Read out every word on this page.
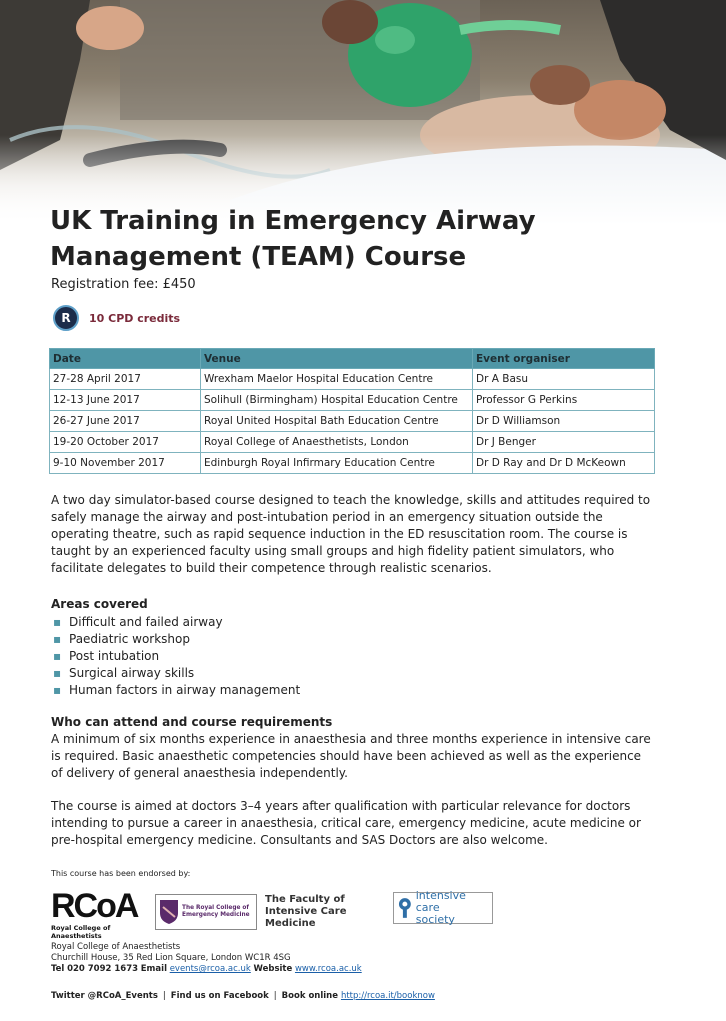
UK Training in Emergency Airway Management (TEAM) Course
Registration fee: £450
R	10 CPD credits
Date	Venue	Event organiser
27-28 April 2017	Wrexham Maelor Hospital Education Centre	Dr A Basu
12-13 June 2017	Solihull (Birmingham) Hospital Education Centre	Professor G Perkins
26-27 June 2017	Royal United Hospital Bath Education Centre	Dr D Williamson
19-20 October 2017	Royal College of Anaesthetists, London	Dr J Benger
9-10 November 2017	Edinburgh Royal Infirmary Education Centre	Dr D Ray and Dr D McKeown

A two day simulator-based course designed to teach the knowledge, skills and attitudes required to safely manage the airway and post-intubation period in an emergency situation outside the operating theatre, such as rapid sequence induction in the ED resuscitation room. The course is taught by an experienced faculty using small groups and high fidelity patient simulators, who facilitate delegates to build their competence through realistic scenarios.

Areas covered
▪ Difficult and failed airway
▪ Paediatric workshop
▪ Post intubation
▪ Surgical airway skills
▪ Human factors in airway management
Who can attend and course requirements

A minimum of six months experience in anaesthesia and three months experience in intensive care is required. Basic anaesthetic competencies should have been achieved as well as the experience of delivery of general anaesthesia independently.

The course is aimed at doctors 3–4 years after qualification with particular relevance for doctors intending to pursue a career in anaesthesia, critical care, emergency medicine, acute medicine or pre-hospital emergency medicine. Consultants and SAS Doctors are also welcome.

This course has been endorsed by:
RCoA
Royal College of Anaesthetists
The Royal College of
Emergency Medicine
The Faculty of
Intensive Care Medicine
intensive care
society
Royal College of Anaesthetists
Churchill House, 35 Red Lion Square, London WC1R 4SG
Tel 020 7092 1673 Email events@rcoa.ac.uk Website www.rcoa.ac.uk
Twitter @RCoA_Events | Find us on Facebook | Book online http://rcoa.it/booknow
